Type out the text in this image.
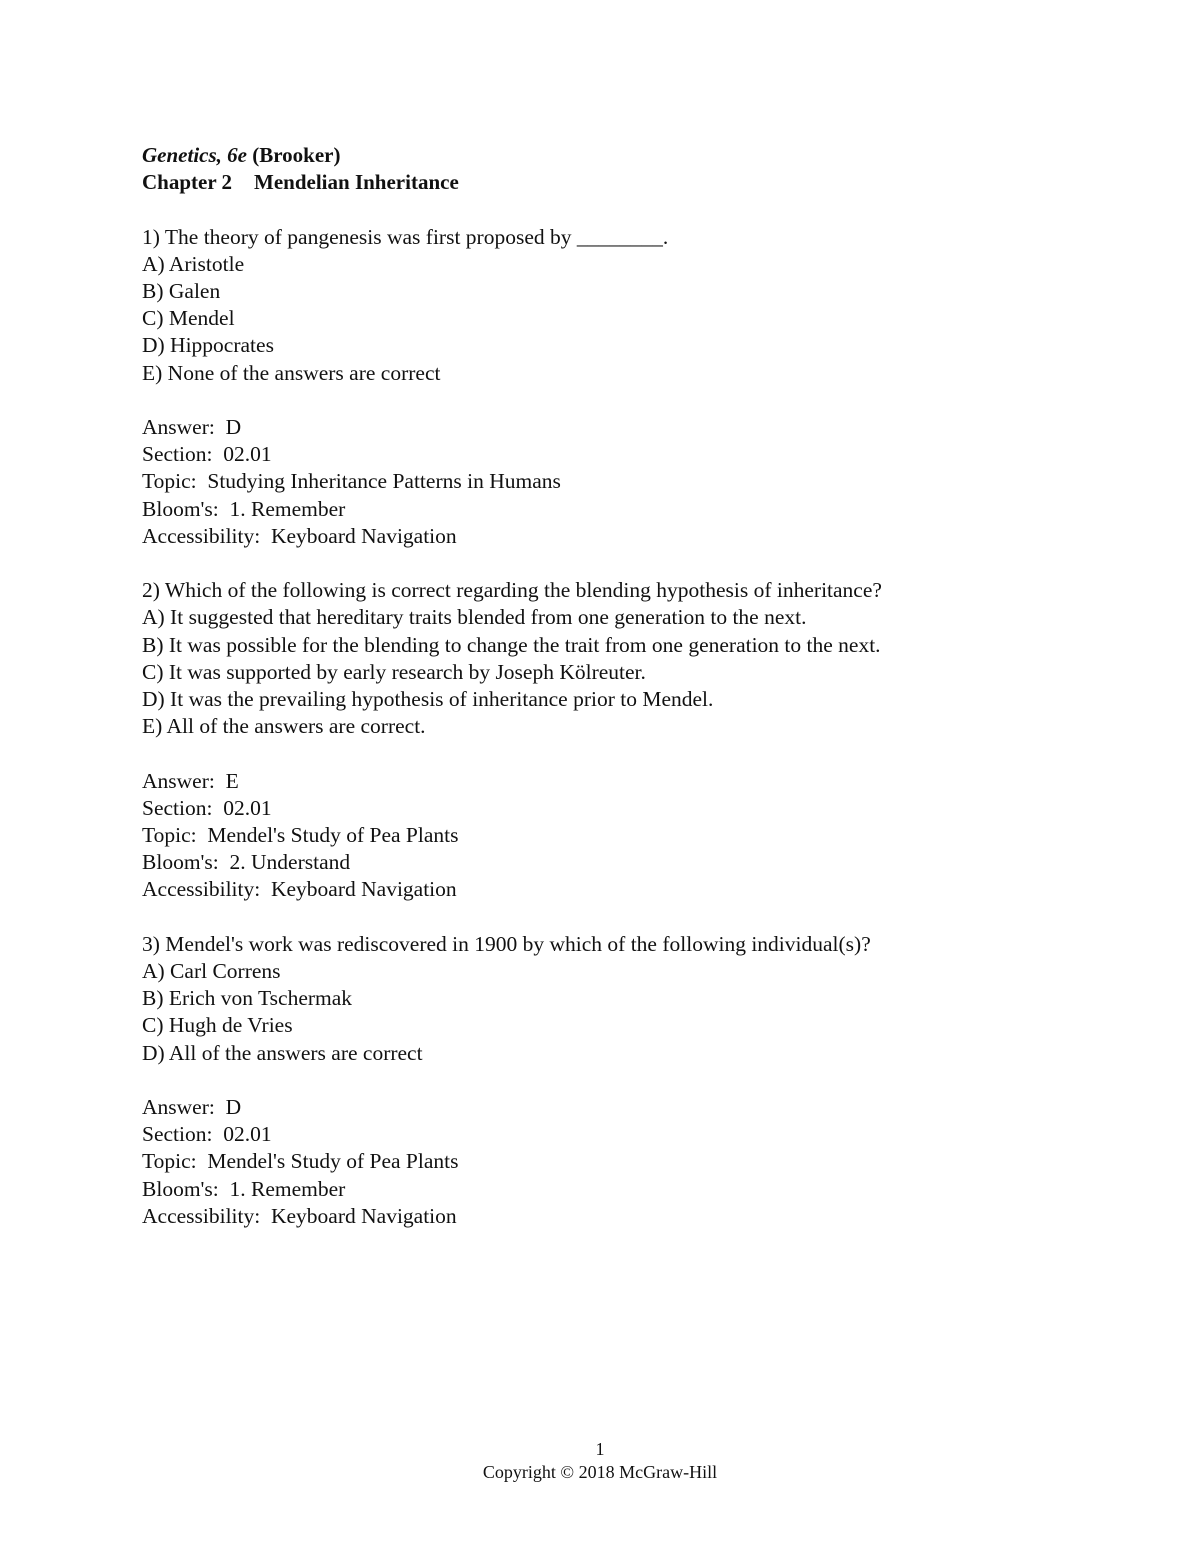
Genetics, 6e (Brooker)
Chapter 2 Mendelian Inheritance
1) The theory of pangenesis was first proposed by ________.
A) Aristotle
B) Galen
C) Mendel
D) Hippocrates
E) None of the answers are correct
Answer:  D
Section:  02.01
Topic:  Studying Inheritance Patterns in Humans
Bloom's:  1. Remember
Accessibility:  Keyboard Navigation
2) Which of the following is correct regarding the blending hypothesis of inheritance?
A) It suggested that hereditary traits blended from one generation to the next.
B) It was possible for the blending to change the trait from one generation to the next.
C) It was supported by early research by Joseph Kölreuter.
D) It was the prevailing hypothesis of inheritance prior to Mendel.
E) All of the answers are correct.
Answer:  E
Section:  02.01
Topic:  Mendel's Study of Pea Plants
Bloom's:  2. Understand
Accessibility:  Keyboard Navigation
3) Mendel's work was rediscovered in 1900 by which of the following individual(s)?
A) Carl Correns
B) Erich von Tschermak
C) Hugh de Vries
D) All of the answers are correct
Answer:  D
Section:  02.01
Topic:  Mendel's Study of Pea Plants
Bloom's:  1. Remember
Accessibility:  Keyboard Navigation
1
Copyright © 2018 McGraw-Hill
